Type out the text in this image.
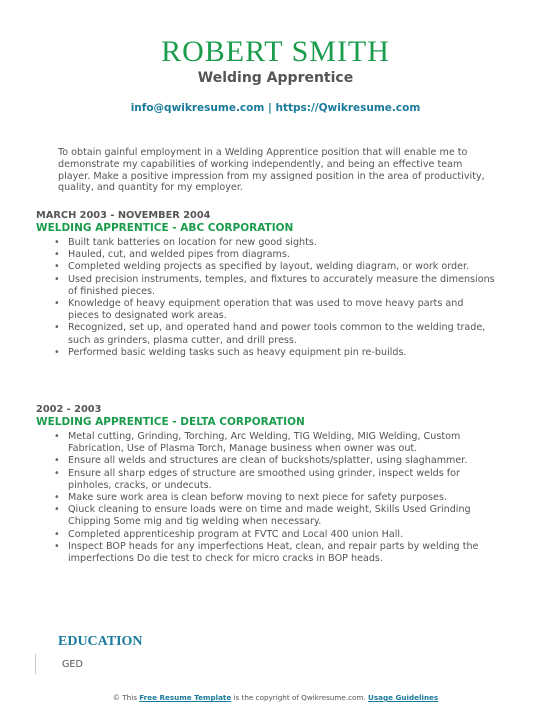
ROBERT SMITH
Welding Apprentice
info@qwikresume.com | https://Qwikresume.com
To obtain gainful employment in a Welding Apprentice position that will enable me to demonstrate my capabilities of working independently, and being an effective team player. Make a positive impression from my assigned position in the area of productivity, quality, and quantity for my employer.
MARCH 2003 - NOVEMBER 2004
WELDING APPRENTICE - ABC CORPORATION
• Built tank batteries on location for new good sights.
• Hauled, cut, and welded pipes from diagrams.
• Completed welding projects as specified by layout, welding diagram, or work order.
• Used precision instruments, temples, and fixtures to accurately measure the dimensions of finished pieces.
• Knowledge of heavy equipment operation that was used to move heavy parts and pieces to designated work areas.
• Recognized, set up, and operated hand and power tools common to the welding trade, such as grinders, plasma cutter, and drill press.
• Performed basic welding tasks such as heavy equipment pin re-builds.
2002 - 2003
WELDING APPRENTICE - DELTA CORPORATION
• Metal cutting, Grinding, Torching, Arc Welding, TIG Welding, MIG Welding, Custom Fabrication, Use of Plasma Torch, Manage business when owner was out.
• Ensure all welds and structures are clean of buckshots/splatter, using slaghammer.
• Ensure all sharp edges of structure are smoothed using grinder, inspect welds for pinholes, cracks, or undecuts.
• Make sure work area is clean beforw moving to next piece for safety purposes.
• Qiuck cleaning to ensure loads were on time and made weight, Skills Used Grinding Chipping Some mig and tig welding when necessary.
• Completed apprenticeship program at FVTC and Local 400 union Hall.
• Inspect BOP heads for any imperfections Heat, clean, and repair parts by welding the imperfections Do die test to check for micro cracks in BOP heads.
EDUCATION
GED
© This Free Resume Template is the copyright of Qwikresume.com. Usage Guidelines
